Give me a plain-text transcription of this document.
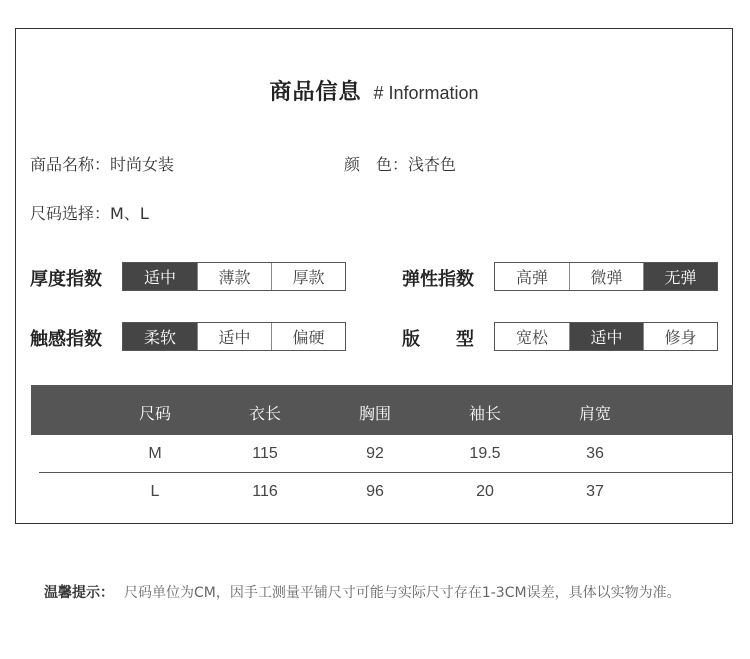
商品信息 # Information
商品名称：时尚女装	颜　色：浅杏色
尺码选择：M、L
厚度指数	适中	薄款	厚款	弹性指数	高弹	微弹	无弹
触感指数	柔软	适中	偏硬	版　　型	宽松	适中	修身
尺码	衣长	胸围	袖长	肩宽
M	115	92	19.5	36
L	116	96	20	37
温馨提示： 尺码单位为CM，因手工测量平铺尺寸可能与实际尺寸存在1-3CM误差，具体以实物为准。
